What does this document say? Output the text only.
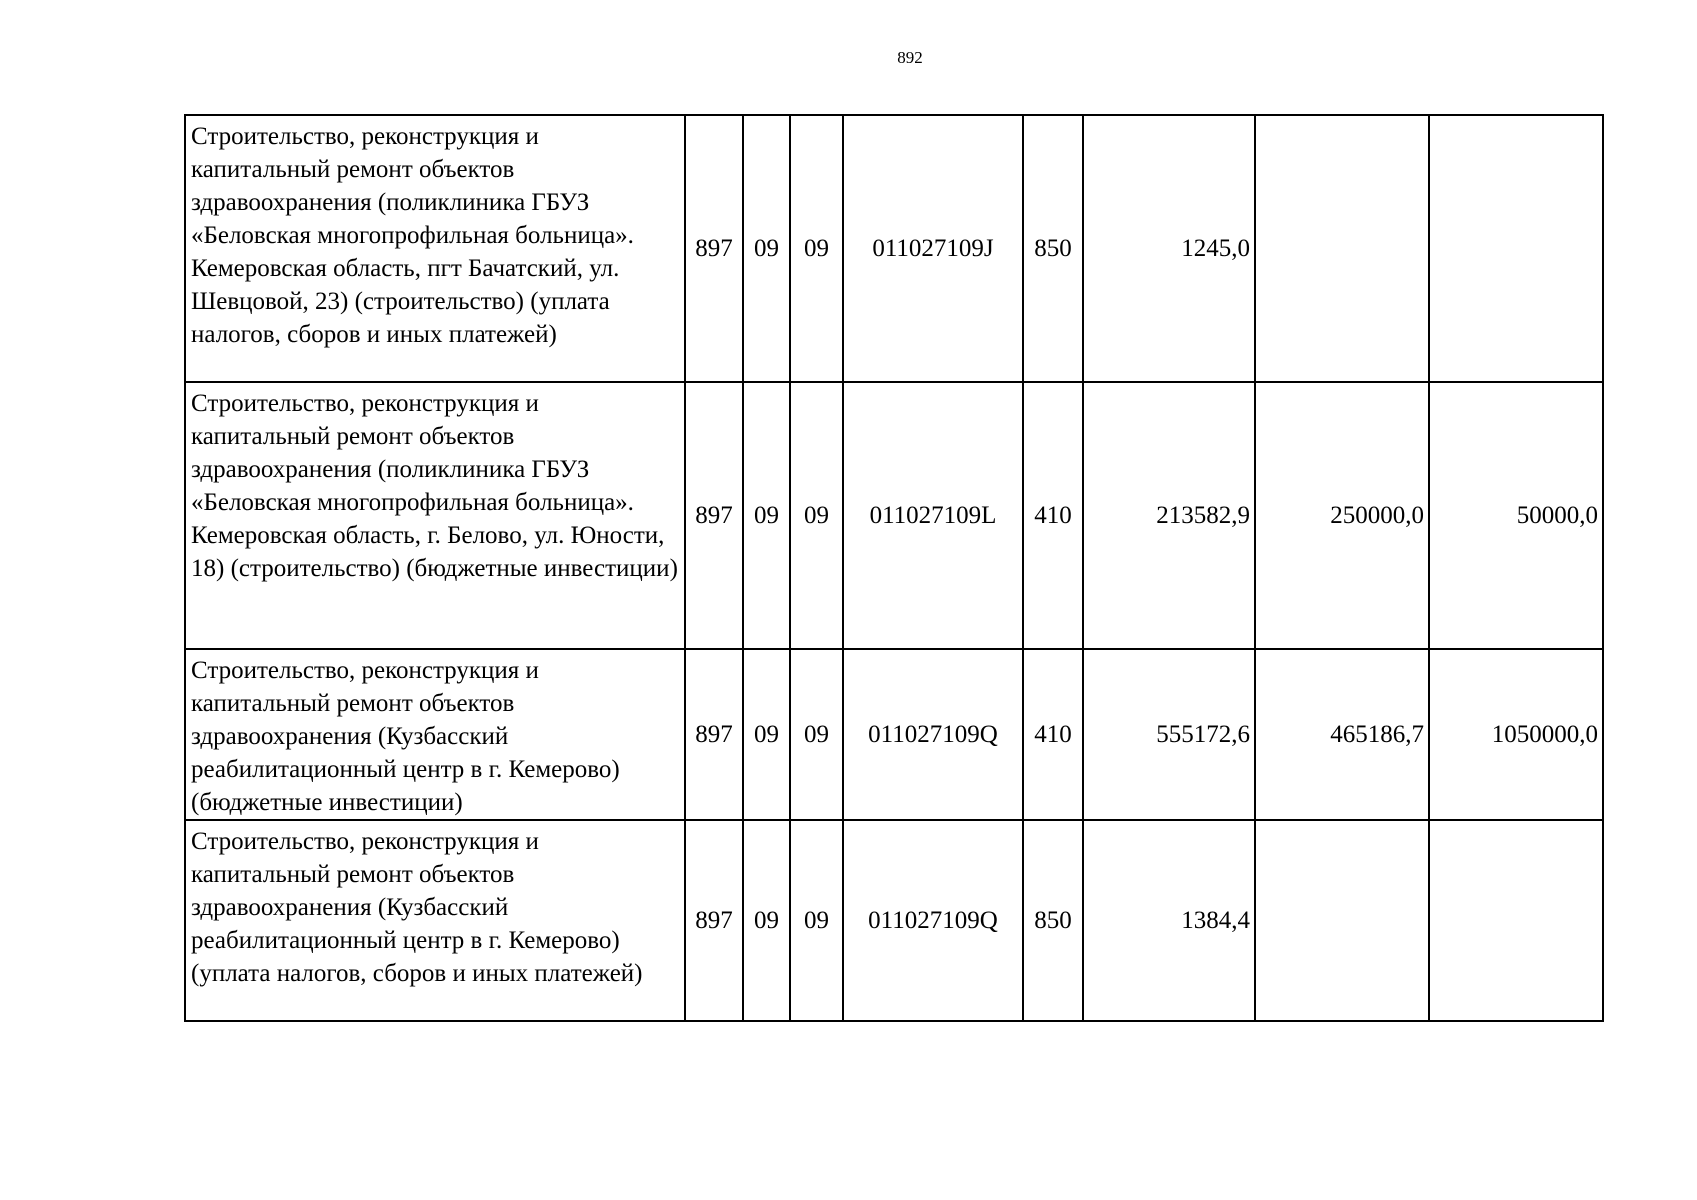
892
Строительство, реконструкция и капитальный ремонт объектов здравоохранения (поликлиника ГБУЗ «Беловская многопрофильная больница». Кемеровская область, пгт Бачатский, ул. Шевцовой, 23) (строительство) (уплата налогов, сборов и иных платежей)	897	09	09	011027109J	850	1245,0		
Строительство, реконструкция и капитальный ремонт объектов здравоохранения (поликлиника ГБУЗ «Беловская многопрофильная больница». Кемеровская область, г. Белово, ул. Юности, 18) (строительство) (бюджетные инвестиции)	897	09	09	011027109L	410	213582,9	250000,0	50000,0
Строительство, реконструкция и капитальный ремонт объектов здравоохранения (Кузбасский реабилитационный центр в г. Кемерово) (бюджетные инвестиции)	897	09	09	011027109Q	410	555172,6	465186,7	1050000,0
Строительство, реконструкция и капитальный ремонт объектов здравоохранения (Кузбасский реабилитационный центр в г. Кемерово) (уплата налогов, сборов и иных платежей)	897	09	09	011027109Q	850	1384,4		
